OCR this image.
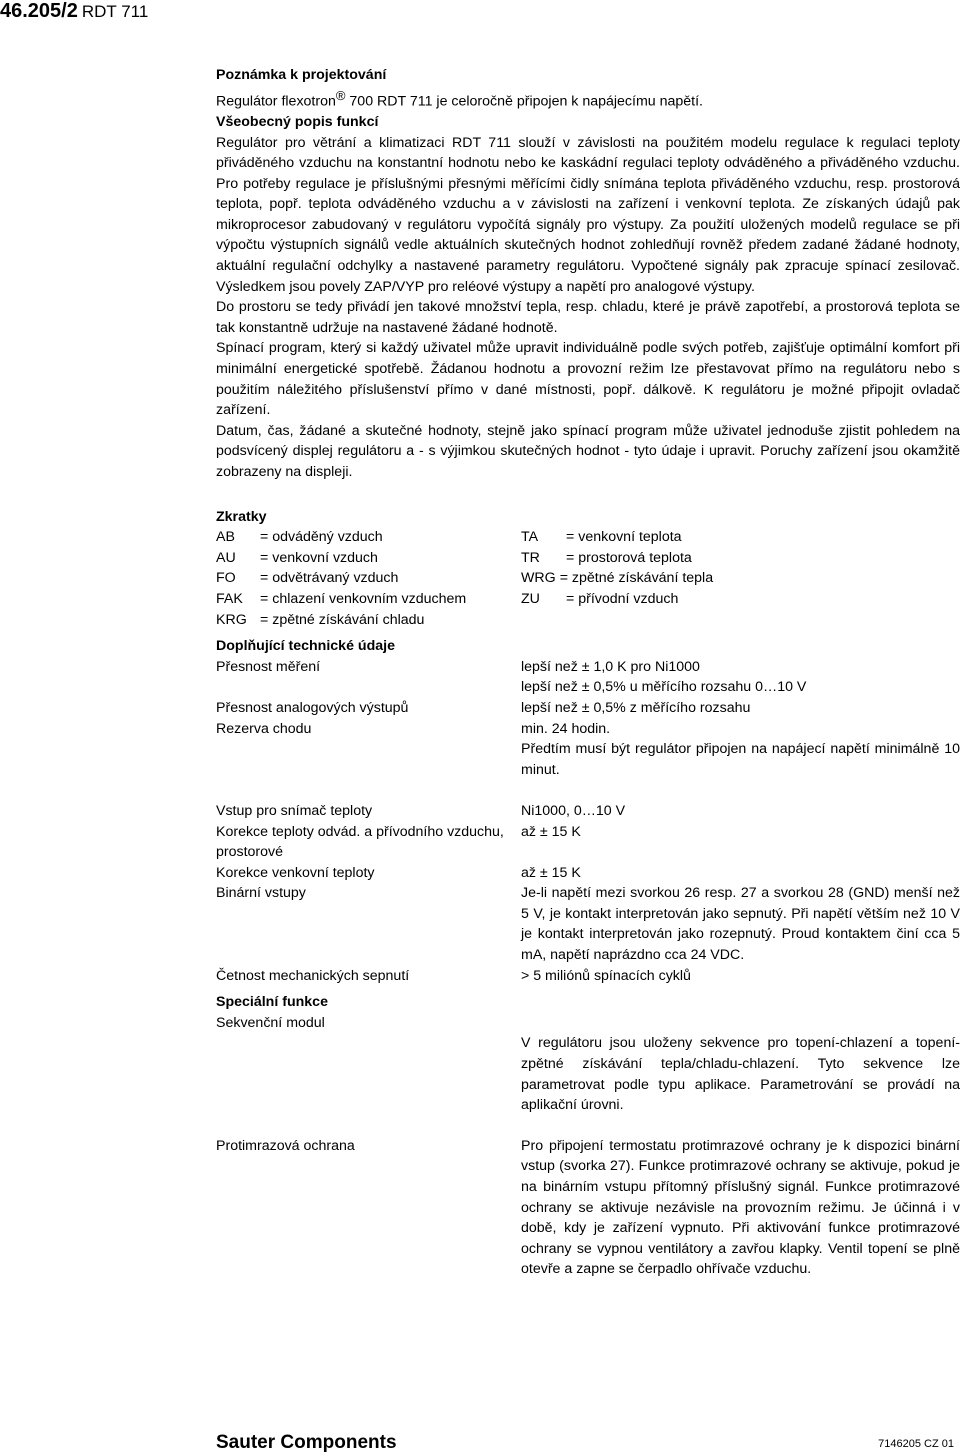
46.205/2 RDT 711

Poznámka k projektování

Regulátor flexotron® 700 RDT 711 je celoročně připojen k napájecímu napětí.

Všeobecný popis funkcí

Regulátor pro větrání a klimatizaci RDT 711 slouží v závislosti na použitém modelu regulace k regulaci teploty přiváděného vzduchu na konstantní hodnotu nebo ke kaskádní regulaci teploty odváděného a přiváděného vzduchu. Pro potřeby regulace je příslušnými přesnými měřícími čidly snímána teplota přiváděného vzduchu, resp. prostorová teplota, popř. teplota odváděného vzduchu a v závislosti na zařízení i venkovní teplota. Ze získaných údajů pak mikroprocesor zabudovaný v regulátoru vypočítá signály pro výstupy. Za použití uložených modelů regulace se při výpočtu výstupních signálů vedle aktuálních skutečných hodnot zohledňují rovněž předem zadané žádané hodnoty, aktuální regulační odchylky a nastavené parametry regulátoru. Vypočtené signály pak zpracuje spínací zesilovač. Výsledkem jsou povely ZAP/VYP pro reléové výstupy a napětí pro analogové výstupy.

Do prostoru se tedy přivádí jen takové množství tepla, resp. chladu, které je právě zapotřebí, a prostorová teplota se tak konstantně udržuje na nastavené žádané hodnotě.

Spínací program, který si každý uživatel může upravit individuálně podle svých potřeb, zajišťuje optimální komfort při minimální energetické spotřebě. Žádanou hodnotu a provozní režim lze přestavovat přímo na regulátoru nebo s použitím náležitého příslušenství přímo v dané místnosti, popř. dálkově. K regulátoru je možné připojit ovladač zařízení.

Datum, čas, žádané a skutečné hodnoty, stejně jako spínací program může uživatel jednoduše zjistit pohledem na podsvícený displej regulátoru a - s výjimkou skutečných hodnot - tyto údaje i upravit. Poruchy zařízení jsou okamžitě zobrazeny na displeji.

Zkratky

AB	= odváděný vzduch	TA	= venkovní teplota
AU	= venkovní vzduch	TR	= prostorová teplota
FO	= odvětrávaný vzduch	WRG = zpětné získávání tepla
FAK	= chlazení venkovním vzduchem	ZU	= přívodní vzduch
KRG = zpětné získávání chladu

Doplňující technické údaje

Přesnost měření	lepší než ± 1,0 K pro Ni1000
lepší než ± 0,5% u měřícího rozsahu 0…10 V
Přesnost analogových výstupů	lepší než ± 0,5% z měřícího rozsahu
Rezerva chodu	min. 24 hodin.
Předtím musí být regulátor připojen na napájecí napětí minimálně 10 minut.
Vstup pro snímač teploty	Ni1000, 0…10 V
Korekce teploty odvád. a přívodního vzduchu, prostorové
až ± 15 K
Korekce venkovní teploty	až ± 15 K
Binární vstupy	Je-li napětí mezi svorkou 26 resp. 27 a svorkou 28 (GND) menší než 5 V, je kontakt interpretován jako sepnutý. Při napětí větším než 10 V je kontakt interpretován jako rozepnutý. Proud kontaktem činí cca 5 mA, napětí naprázdno cca 24 VDC.
Četnost mechanických sepnutí	> 5 miliónů spínacích cyklů

Speciální funkce

Sekvenční modul
V regulátoru jsou uloženy sekvence pro topení-chlazení a topení-zpětné získávání tepla/chladu-chlazení. Tyto sekvence lze parametrovat podle typu aplikace. Parametrování se provádí na aplikační úrovni.
Protimrazová ochrana	Pro připojení termostatu protimrazové ochrany je k dispozici binární vstup (svorka 27). Funkce protimrazové ochrany se aktivuje, pokud je na binárním vstupu přítomný příslušný signál. Funkce protimrazové ochrany se aktivuje nezávisle na provozním režimu. Je účinná i v době, kdy je zařízení vypnuto. Při aktivování funkce protimrazové ochrany se vypnou ventilátory a zavřou klapky. Ventil topení se plně otevře a zapne se čerpadlo ohřívače vzduchu.
Sauter Components	7146205 CZ 01
